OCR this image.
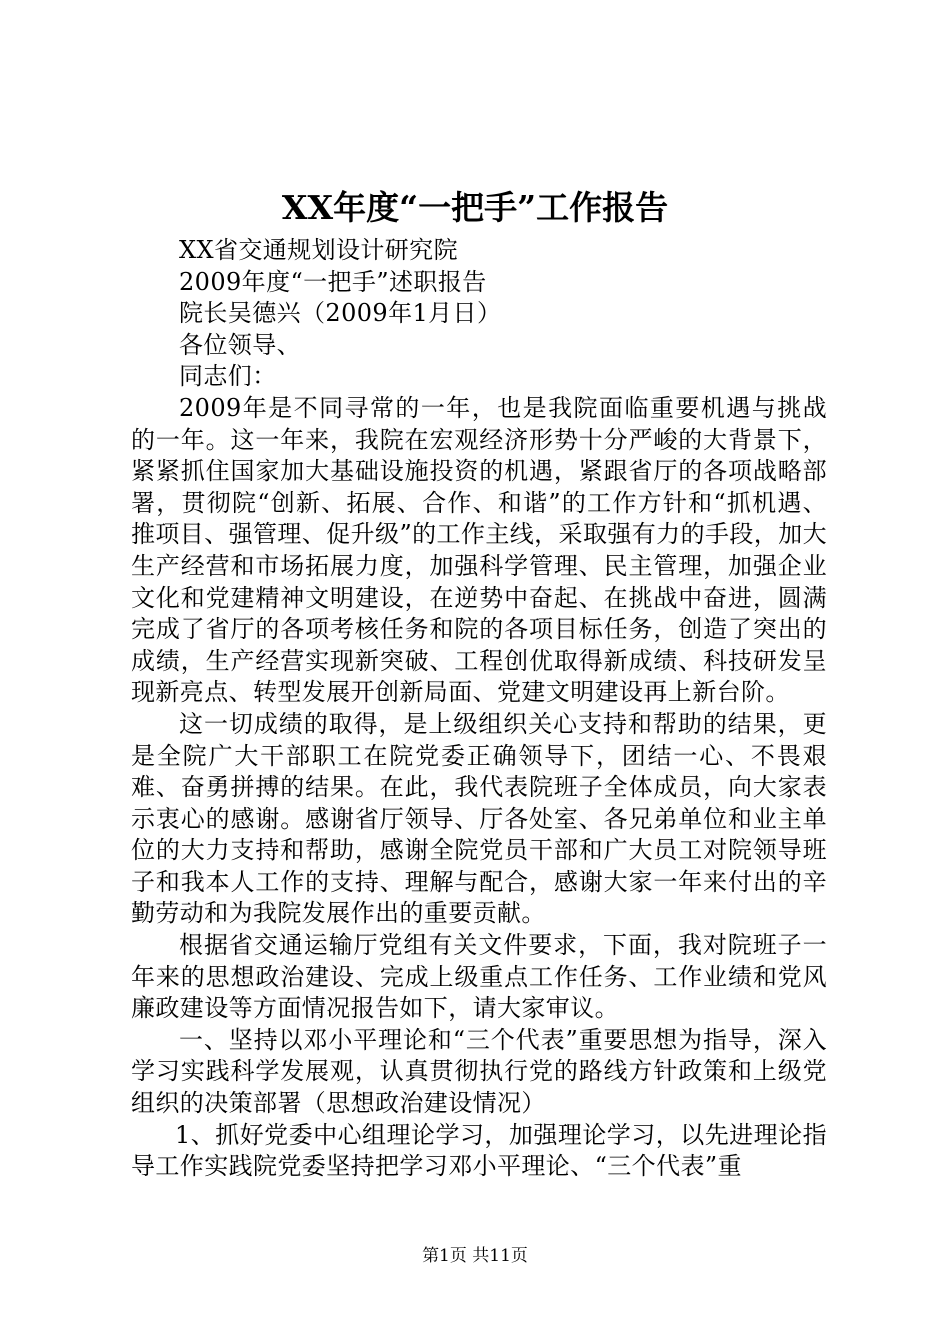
XX年度“一把手”工作报告

XX省交通规划设计研究院

2009年度“一把手”述职报告

院长吴德兴（2009年1月日）

各位领导、

同志们：

2009年是不同寻常的一年，也是我院面临重要机遇与挑战的一年。这一年来，我院在宏观经济形势十分严峻的大背景下，紧紧抓住国家加大基础设施投资的机遇，紧跟省厅的各项战略部署，贯彻院“创新、拓展、合作、和谐”的工作方针和“抓机遇、推项目、强管理、促升级”的工作主线，采取强有力的手段，加大生产经营和市场拓展力度，加强科学管理、民主管理，加强企业文化和党建精神文明建设，在逆势中奋起、在挑战中奋进，圆满完成了省厅的各项考核任务和院的各项目标任务，创造了突出的成绩，生产经营实现新突破、工程创优取得新成绩、科技研发呈现新亮点、转型发展开创新局面、党建文明建设再上新台阶。

这一切成绩的取得，是上级组织关心支持和帮助的结果，更是全院广大干部职工在院党委正确领导下，团结一心、不畏艰难、奋勇拼搏的结果。在此，我代表院班子全体成员，向大家表示衷心的感谢。感谢省厅领导、厅各处室、各兄弟单位和业主单位的大力支持和帮助，感谢全院党员干部和广大员工对院领导班子和我本人工作的支持、理解与配合，感谢大家一年来付出的辛勤劳动和为我院发展作出的重要贡献。

根据省交通运输厅党组有关文件要求，下面，我对院班子一年来的思想政治建设、完成上级重点工作任务、工作业绩和党风廉政建设等方面情况报告如下，请大家审议。

一、坚持以邓小平理论和“三个代表”重要思想为指导，深入学习实践科学发展观，认真贯彻执行党的路线方针政策和上级党组织的决策部署（思想政治建设情况）

1、抓好党委中心组理论学习，加强理论学习，以先进理论指导工作实践院党委坚持把学习邓小平理论、“三个代表”重

第1页 共11页
